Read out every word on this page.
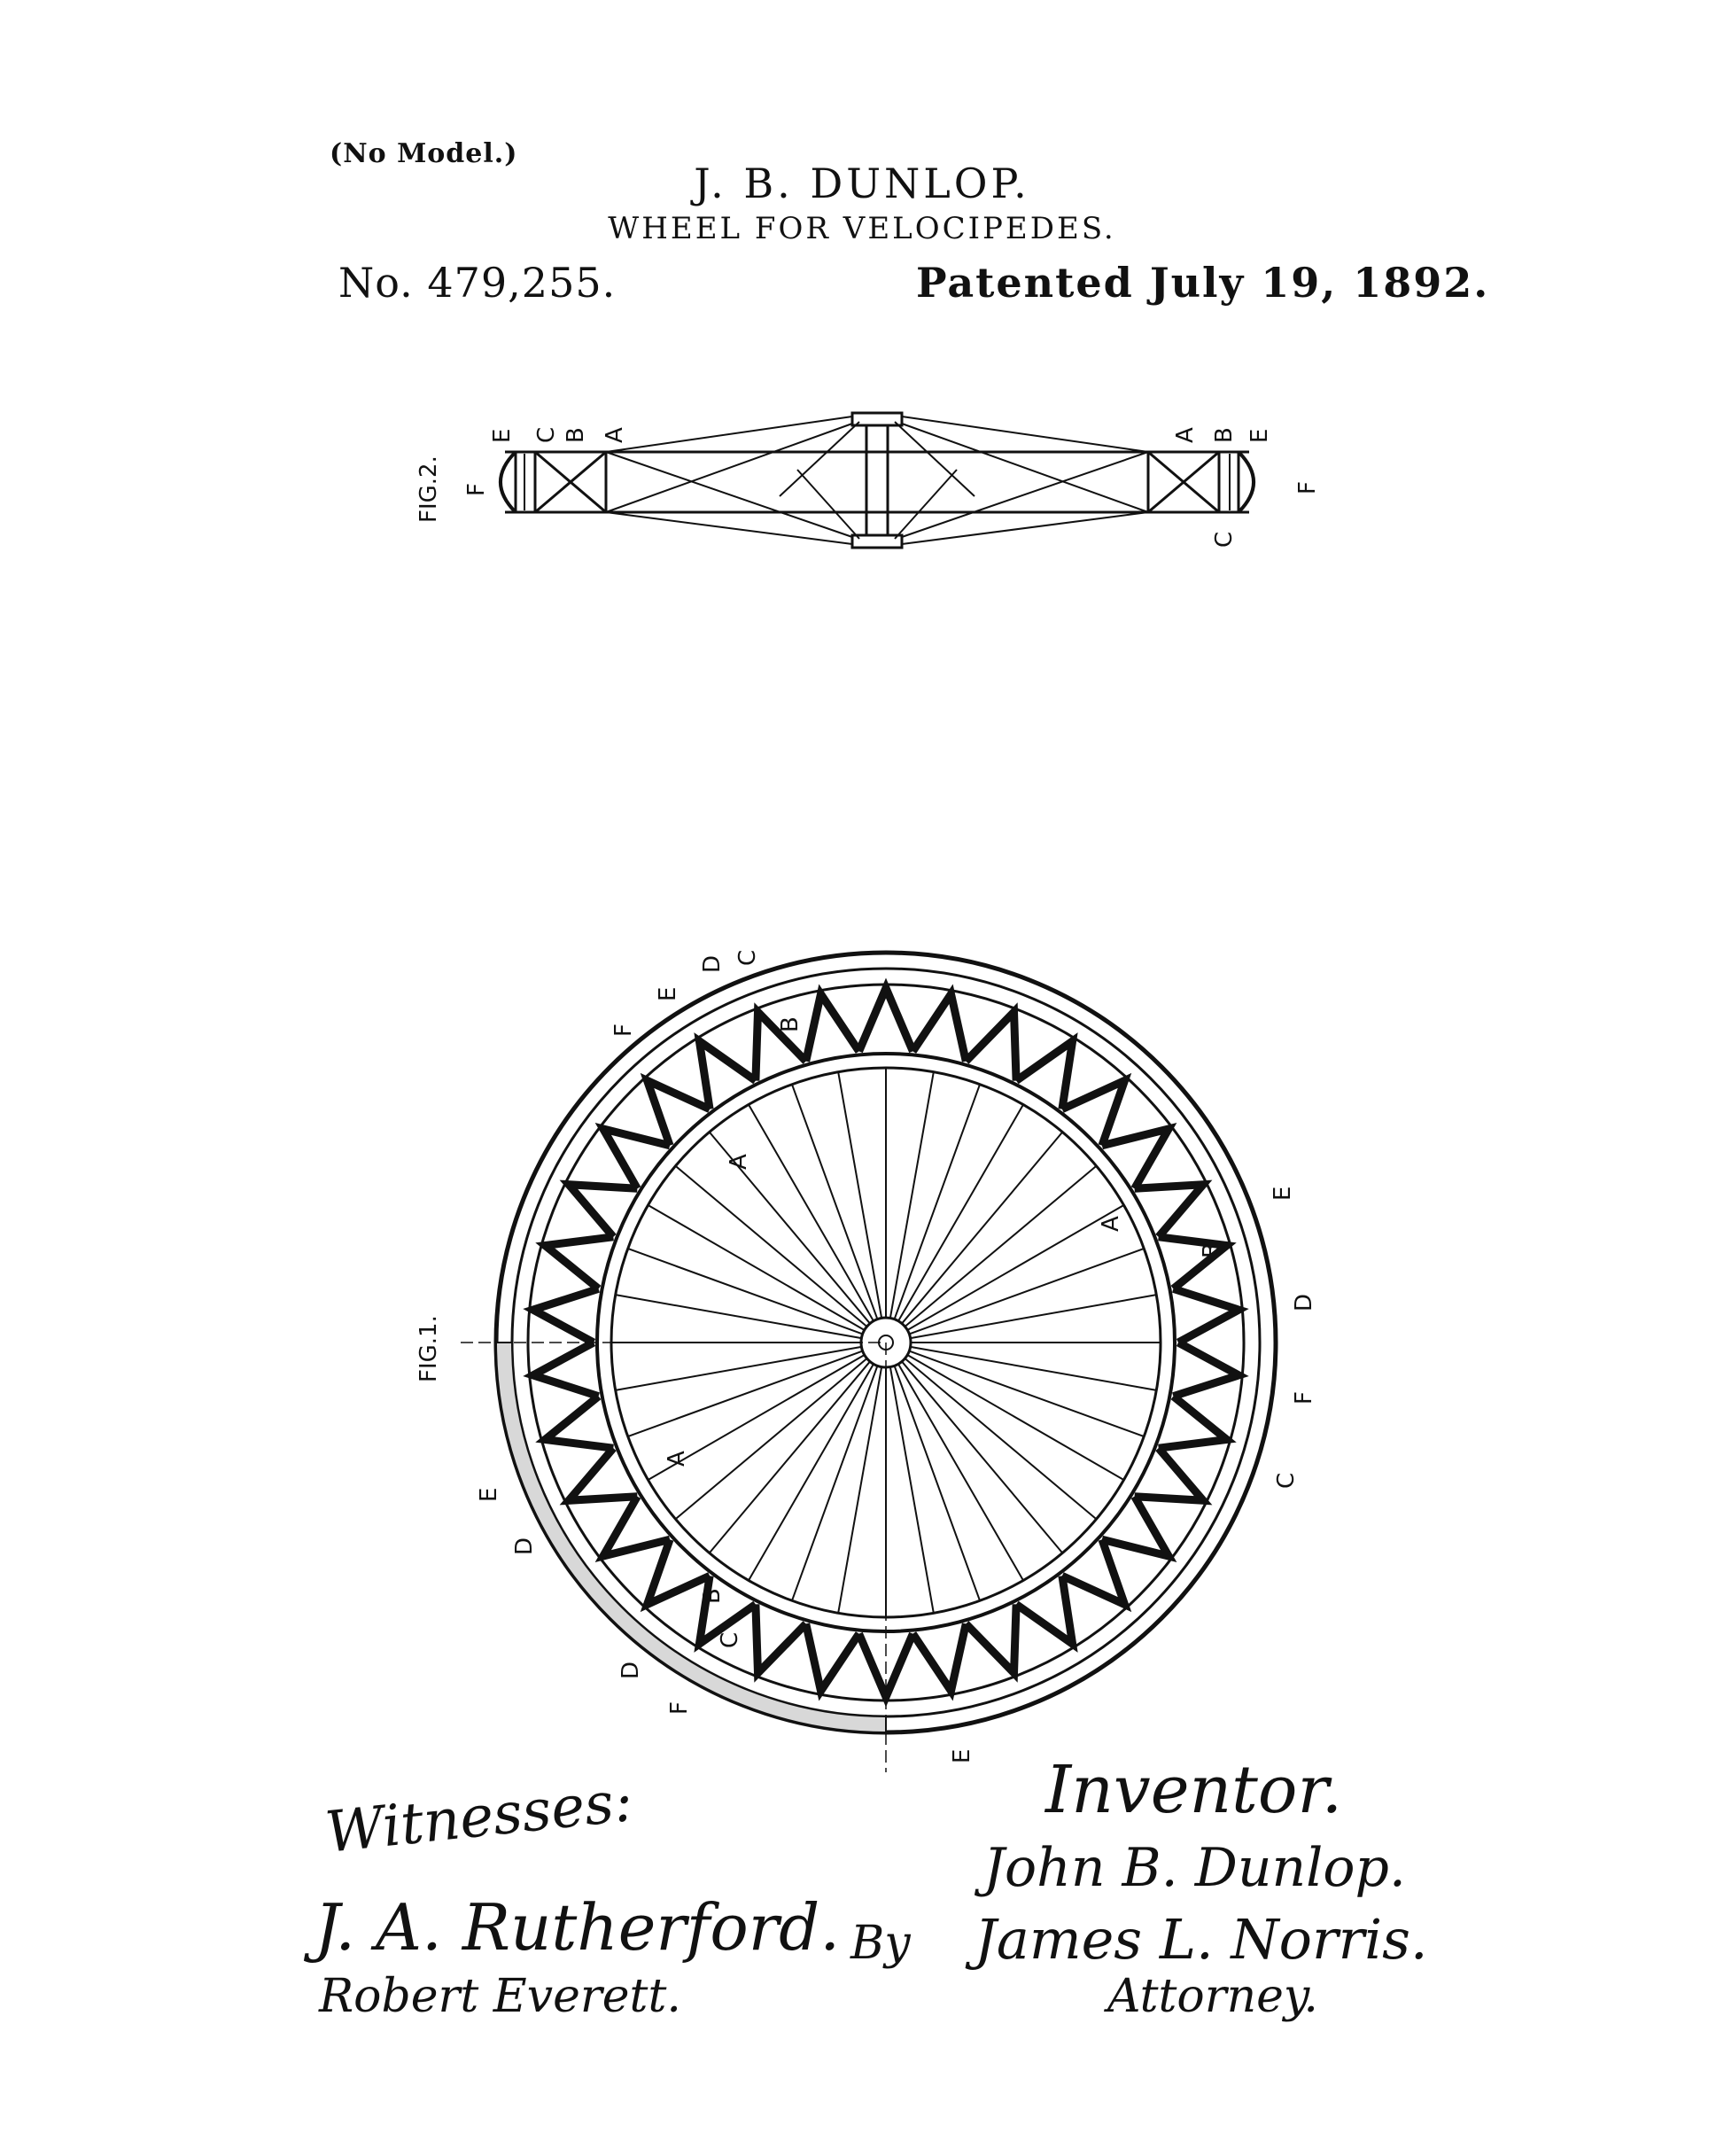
(No Model.)
J. B. DUNLOP.
WHEEL FOR VELOCIPEDES.
No. 479,255.	Patented July 19, 1892.
FIG.2.
E C B A
F
A B E
F
C
FIG.1.
D C
E
F	B
A
A
B
E
D
F
C
A
E
D
B
C
D
F
E
Witnesses:
J. A. Rutherford.
Robert Everett.
Inventor.
John B. Dunlop.
By James L. Norris.
Attorney.
